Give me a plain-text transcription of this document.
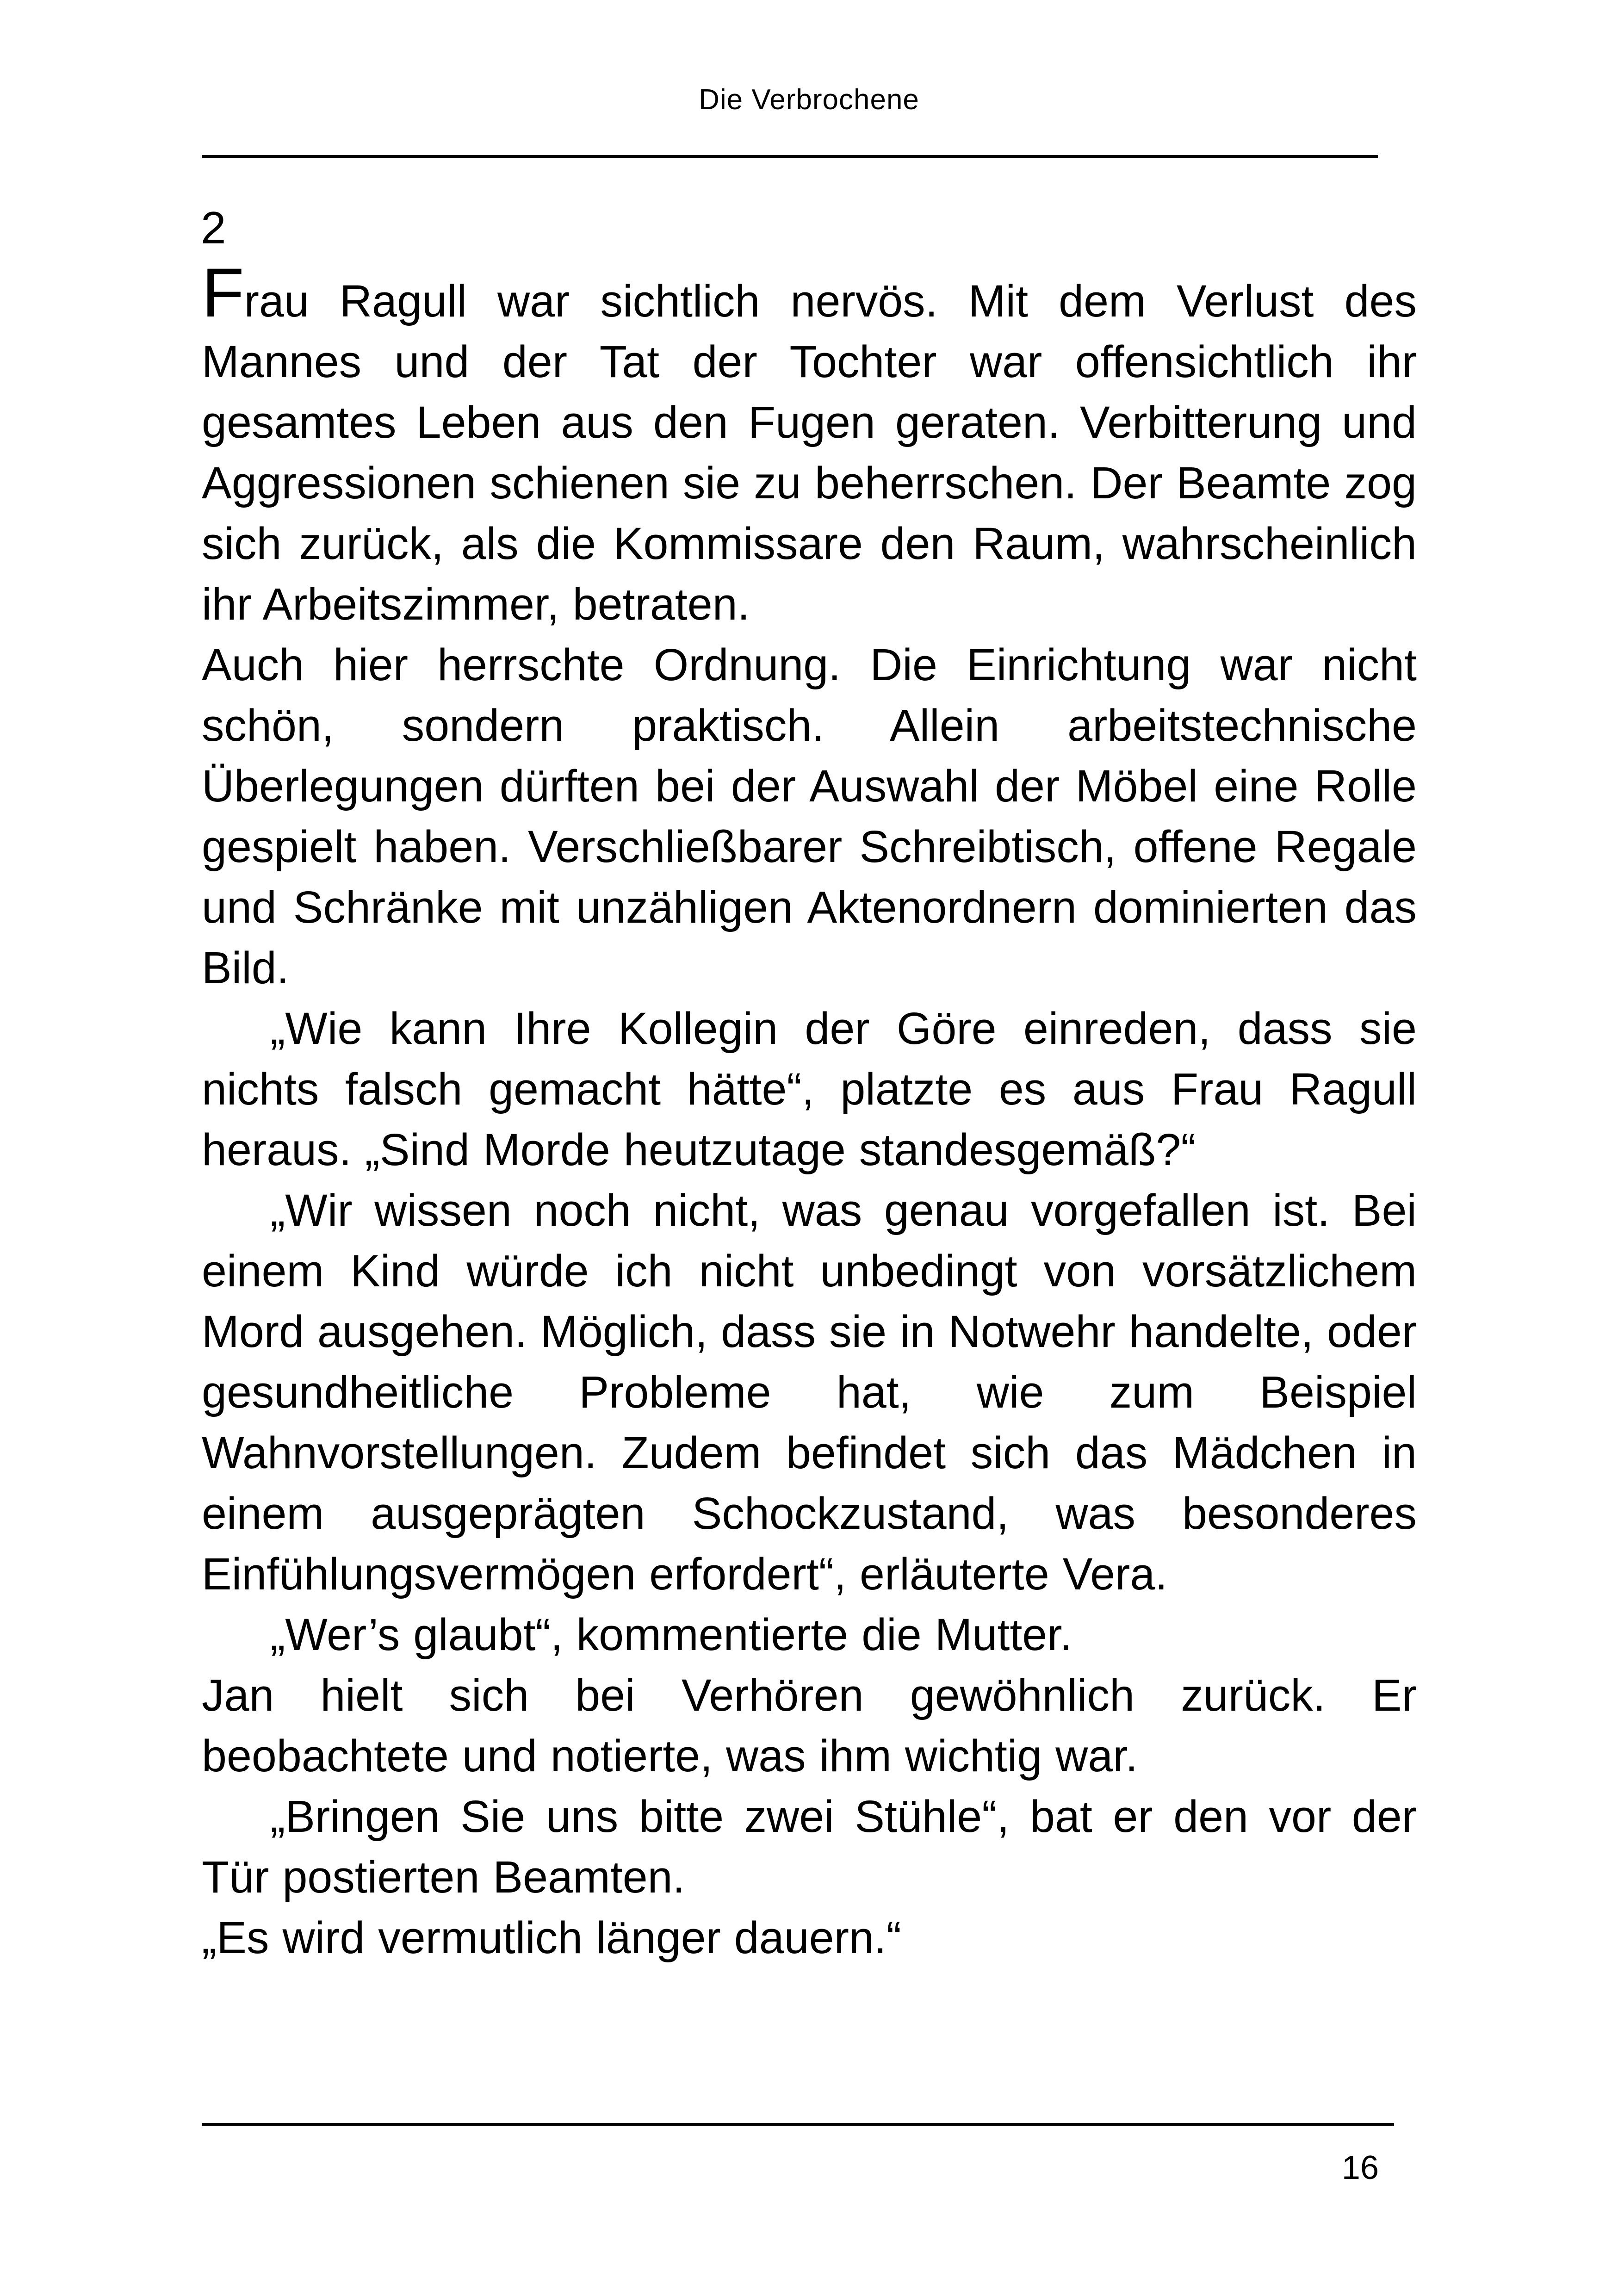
Die Verbrochene
2

Frau Ragull war sichtlich nervös. Mit dem Verlust des Mannes und der Tat der Tochter war offensichtlich ihr gesamtes Leben aus den Fugen geraten. Verbitterung und Aggressionen schienen sie zu beherrschen. Der Beamte zog sich zurück, als die Kommissare den Raum, wahrscheinlich ihr Arbeitszimmer, betraten.

Auch hier herrschte Ordnung. Die Einrichtung war nicht schön, sondern praktisch. Allein arbeitstechnische Überlegungen dürften bei der Auswahl der Möbel eine Rolle gespielt haben. Verschließbarer Schreibtisch, offene Regale und Schränke mit unzähligen Aktenordnern dominierten das Bild.

„Wie kann Ihre Kollegin der Göre einreden, dass sie nichts falsch gemacht hätte“, platzte es aus Frau Ragull heraus. „Sind Morde heutzutage standesgemäß?“

„Wir wissen noch nicht, was genau vorgefallen ist. Bei einem Kind würde ich nicht unbedingt von vorsätzlichem Mord ausgehen. Möglich, dass sie in Notwehr handelte, oder gesundheitliche Probleme hat, wie zum Beispiel Wahnvorstellungen. Zudem befindet sich das Mädchen in einem ausgeprägten Schockzustand, was besonderes Einfühlungsvermögen erfordert“, erläuterte Vera.

„Wer’s glaubt“, kommentierte die Mutter.

Jan hielt sich bei Verhören gewöhnlich zurück. Er beobachtete und notierte, was ihm wichtig war.

„Bringen Sie uns bitte zwei Stühle“, bat er den vor der Tür postierten Beamten.

„Es wird vermutlich länger dauern.“

16
